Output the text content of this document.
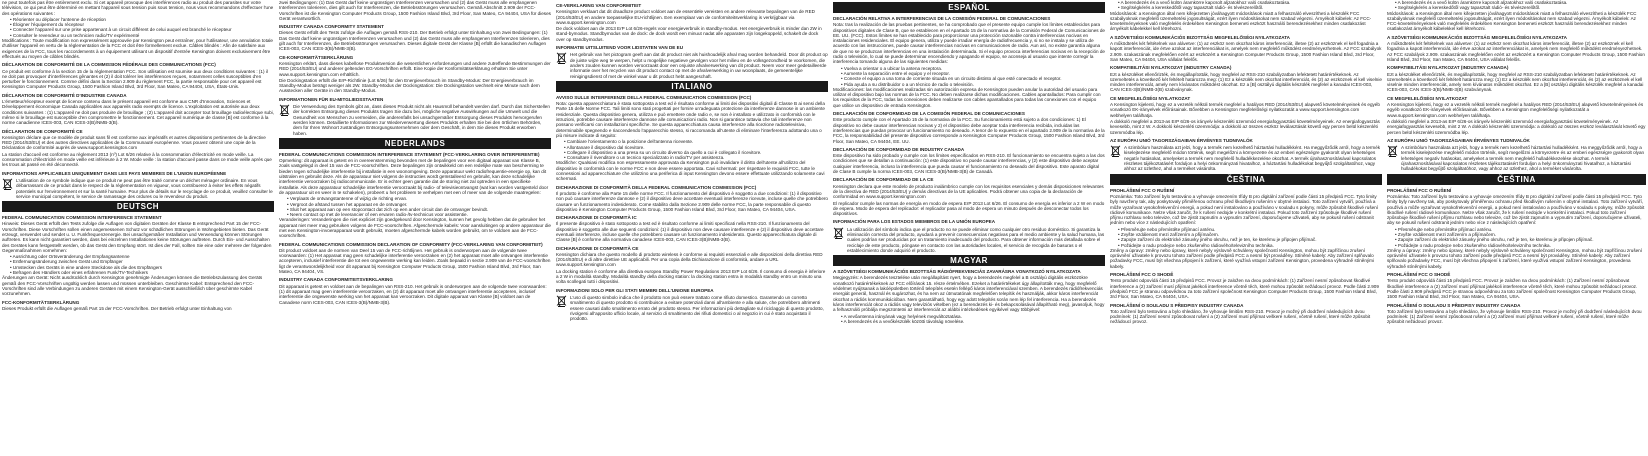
ne peut toutefois pas être entièrement exclu. Si cet appareil provoque des interférences radio au produit des parasites sur votre télévision, ce qui peut être déterminé en mettant l'appareil sous tension puis sous tension, nous vous recommandons d'effectuer l'une des opérations suivantes :
• Réorienter ou déplacer l'antenne de réception
• Éloigner l'équipement du récepteur
• Connecter l'appareil sur une prise appartenant à un circuit différent de celui auquel est branché le récepteur
• Consulter le revendeur ou un technicien radio/TV expérimenté
Modifications : Toute modification non expressément approuvée par Kensington peut entraîner, pour l'utilisateur, une annulation totale d'utiliser l'appareil en vertu de la réglementation de la FCC et doit être formellement exclue. Câbles blindés : Afin de satisfaire aux exigences de la FCC, tous les raccordements à un équipement utilisant un dispositif d'entrée Kensington doivent exclusivement être effectués au moyen de câbles blindés.
DÉCLARATION DE CONFORMITÉ DE LA COMMISSION FÉDÉRALE DES COMMUNICATIONS (FCC)
Ce produit est conforme à la section 15 de la réglementation FCC. Son utilisation est soumise aux deux conditions suivantes : (1) il ne doit pas provoquer d'interférences gênantes et (2) il doit tolérer les interférences reçues, notamment celles susceptibles d'en perturber le fonctionnement. Comme défini dans la Section 2.909 du règlement FCC, la partie responsable pour cet appareil est Kensington Computer Products Group, 1500 Fashion Island Blvd, 3rd Floor, San Mateo, CA 94404, USA, États-Unis.
DÉCLARATION DE CONFORMITÉ D'INDUSTRIE CANADA
L'émetteur/récepteur exempt de licence contenu dans le présent appareil est conforme aux CNR d'Innovation, Sciences et Développement économique Canada applicables aux appareils radio exempts de licence. L'exploitation est autorisée aux deux conditions suivantes : (1) L'appareil ne doit pas produire de brouillage ; (2) L'appareil doit accepter tout brouillage radioélectrique subi, même si le brouillage est susceptible d'en compromettre le fonctionnement. Cet appareil numérique de classe [B] est conforme à la norme canadienne ICES-003, CAN ICES-3(B)/NMB-3(B).
DÉCLARATION DE CONFORMITÉ CE
Kensington déclare que ce modèle de produit sans fil est conforme aux impératifs et autres dispositions pertinentes de la directive RED (2014/53/EU) et des autres directives applicables de la Communauté européenne. Vous pouvez obtenir une copie de la Déclaration de conformité auprès de www.support.kensington.com
La station d'accueil est conforme au règlement 2013 (nº) Lot 6/26 relative à la consommation d'électricité en mode veille. La consommation d'électricité en mode veille est inférieure à 2 W. Mode veille : la station d'accueil passe dans ce mode veille après que les trous ait passé en été déconnecté.
INFORMATIONS APPLICABLES UNIQUEMENT DANS LES PAYS MEMBRES DE L'UNION EUROPÉENNE
L'utilisation de ce symbole indique que ce produit ne peut pas être traité comme un déchet ménager ordinaire. En vous débarrassant de ce produit dans le respect de la réglementation en vigueur, vous contribuerez à éviter les effets négatifs potentiels sur l'environnement et sur la santé humaine. Pour plus de détails sur le recyclage de ce produit, veuillez consulter le service municipal compétent, le service de ramassage des ordures ou le revendeur du produit.
DEUTSCH
FEDERAL COMMUNICATION COMMISSION INTERFERENCE STATEMENT
Hinweis: Dieses Gerät erfüllt den Tests zufolge die Auflagen von digitalen Geräten der Klasse B entsprechend Part 15 der FCC-Vorschriften. Diese Vorschriften sollen einen angemessenen Schutz vor schädlichen Störungen in Wohngebieten bieten. Das Gerät erzeugt, verwendet und sendet u. U. Funkfrequenzenergie. Bei unsachgemäßer Installation und Verwendung können Störungen auftreten. Es kann nicht garantiert werden, dass bei einzelnen Installationen keine Störungen auftreten. Durch Ein- und Ausschalten des Gerätes kann festgestellt werden, ob das Gerät den Empfang stört. Ist dies der Fall, sollten Sie eine oder mehrere der folgenden Gegenmaßnahmen vornehmen:
• Ausrichtung oder Ortsveränderung der Empfangsantenne
• Entfernungsänderung zwischen Gerät und Empfänger
• Umstecken des Geräts in eine andere Steckdose als die des Empfängers
• Befragen des Händlers oder eines erfahrenen Funk/TV-Technikers
Änderungen am Gerät: Nicht ausdrücklich durch Kensington genehmigte Änderungen können die Betriebszulassung des Geräts gemäß den FCC-Vorschriften ungültig werden lassen und müssen unterbleiben. Geschirmte Kabel: Entsprechend den FCC-Vorschriften sind alle Verbindungen zu anderen Geräten mit einem Kensington-Gerät ausschließlich über geschirmte Kabel vorzunehmen.
FCC-KONFORMITÄTSERKLÄRUNG
Dieses Produkt erfüllt die Auflagen gemäß Part 15 der FCC-Vorschriften. Der Betrieb erfolgt unter Einhaltung von
zwei Bedingungen: (1) Das Gerät darf keine ungünstigen Interferenzen verursachen und (2) das Gerät muss alle empfangenen Interferenzen tolerieren, dies gilt auch für Interferenzen, die Betriebsstörungen verursachen. Gemäß Abschnitt 2.909 der FCC-Vorschriften ist die Kensington Computer Products Group, 1500 Fashion Island Blvd, 3rd Floor, San Mateo, CA 94404, USA für dieses Gerät verantwortlich.
INDUSTRY CANADA CONFORMITY STATEMENT
Dieses Gerät erfüllt den Tests zufolge die Auflagen gemäß RSS-210. Der Betrieb erfolgt unter Einhaltung von zwei Bedingungen: (1) Das Gerät darf keine ungünstigen Interferenzen verursachen und (2) das Gerät muss alle empfangenen Interferenzen tolerieren, dies gilt auch für Interferenzen, die Betriebsstörungen verursachen. Dieses digitale Gerät der Klasse [B] erfüllt die kanadischen Auflagen ICES-003, CAN ICES-3(B)/NMB-3(B).
CE-KONFORMITÄTSERKLÄRUNG
Kensington erklärt, dass dieses kabellose Produktversion die wesentlichen Anforderungen und andere zutreffende Bestimmungen der RED (2014/53/EU) und anderer geltenden EG-Vorschriften erfüllt. Eine Kopie der Konformitätserklärung erhalten Sie unter www.support.kensington.com erhältlich.
Die Dockingstation erfüllt die ErP-Richtlinie (Lot 6/26) für den Energieverbrauch im Standby-Modus: Der Energieverbrauch im Standby-Modus beträgt weniger als 2W. Standby-Modus der Dockingstation: Die Dockingstation wechselt eine Minute nach dem Ausstecken aller Geräte in den Standby-Modus.
INFORMATIONEN FÜR EU-MITGLIEDSSTAATEN
Die Verwendung des Symbols gibt an, dass dieses Produkt nicht als Hausmüll behandelt werden darf. Durch das Sicherstellen der korrekten Entsorgung dieses Produkts tragen Sie dazu bei, mögliche negative Auswirkungen auf die Umwelt und die Gesundheit von Menschen zu vermeiden, die anderenfalls bei unsachgemäßer Entsorgung dieses Produkts hervorgerufen werden können. Detaillierte Informationen zur Wiederverwertung dieses Produkts erhalten Sie bei den örtlichen Behörden, dem für Ihren Wohnort zuständigen Entsorgungsunternehmen oder dem Geschäft, in dem Sie dieses Produkt erworben haben.
NEDERLANDS
FEDERAL COMMUNICATIONS COMMISSION INTERFERENCE STATEMENT (FCC-VERKLARING OVER INTERFERENTIE)
Opmerking: dit apparaat is getest en in overeenstemming bevonden met de bepalingen voor een digitaal apparaat van Klasse B, zoals vastgelegd in deel 15 van de FCC-voorschriften. Deze bepalingen zijn ontwikkeld om een redelijke mate van bescherming te bieden tegen schadelijke interferentie bij installatie in een woonomgeving. Deze apparatuur wekt radiofrequentie-energie op, kan dit uitstralen en gebruikt deze. Als de apparatuur niet volgens de instructies wordt geïnstalleerd en gebruikt, kan deze schadelijke interferentie veroorzaken bij radiocommunicatie. Er is echter geen garantie dat de storing niet zal optreden in een specifieke installatie. Als deze apparatuur schadelijke interferentie veroorzaakt bij radio- of televisieontvangst (wat kan worden vastgesteld door de apparatuur uit en weer in te schakelen), probeert u het probleem te verhelpen met een of meer van de volgende maatregelen:
• Verplaats de ontvangstantenne of wijzig de richting ervan.
• Vergroot de afstand tussen het apparaat en de ontvanger.
• Sluit het apparaat aan op een stopcontact dat zich op een ander circuit dan de ontvanger bevindt.
• Neem contact op met de leverancier of een ervaren radio-/tv-technicus voor assistentie.
Veranderingen: Veranderingen die niet expliciet zijn goedgekeurd door Kensington, kunnen het gevolg hebben dat de gebruiker het apparaat niet meer mag gebruiken volgens de FCC-voorschriften. Afgeschermde kabels: Voor aansluitingen op andere apparatuur die met een Kensington-invoerapparaat wordt gebruikt, moeten afgeschermde kabels worden gebruikt, om te voldoen aan de FCC-voorschriften.
FEDERAL COMMUNICATIONS COMMISSION DECLARATION OF CONFORMITY (FCC-VERKLARING VAN CONFORMITEIT)
Dit product voldoet aan de normen van Deel 15 van de FCC-richtlijnen. Het gebruik is onderworpen aan de volgende twee voorwaarden: (1) Het apparaat mag geen schadelijke interferentie veroorzaken en (2) het apparaat moet alle ontvangen interferentie accepteren, inclusief interferentie die tot een ongewenste werking kan leiden. Zoals bepaald in sectie 2.909 van de FCC-voorschriften ligt de verantwoordelijkheid voor dit apparaat bij Kensington Computer Products Group, 1500 Fashion Island Blvd, 3rd Floor, San Mateo, CA 94404, VS.
INDUSTRY CANADA CONFORMITEITSVERKLARING
Dit apparaat is getest en voldoet aan de bepalingen van RSS-210. Het gebruik is onderworpen aan de volgende twee voorwaarden: (1) dit apparaat mag geen interferentie veroorzaken, en (2) dit apparaat moet alle ontvangen interferentie accepteren, inclusief interferentie die ongewenste werking van het apparaat kan veroorzaken. Dit digitale apparaat van Klasse [B] voldoet aan de Canadese norm ICES-003, CAN ICES-3(B)/NMB-3(B).
CE-VERKLARING VAN CONFORMITEIT
Kensington verklaart dat dit draadloze product voldoet aan de essentiële vereisten en andere relevante bepalingen van de RED (2014/53/EU) en andere toepasselijke EU-richtlijnen. Een exemplaar van de conformiteitsverklaring is verkrijgbaar via www.support.kensington.com
De dock voldoet aan de 2013 ErP Lot 6/26-regels voor energieverbruik in standby-modus. Het energieverbruik is minder dan 2W in stand-bymodus. Standbymodus van de dock: de dock wordt een minuut nadat alle apparaten zijn losgekoppeld, schakelt de dock over op standbymodus.
INFORMATIE UITSLUITEND VOOR LIDSTATEN VAN DE EU
Het gebruik van het pictogram geeft aan dat dit product niet als huishoudelijk afval mag worden behandeld. Door dit product op de juiste wijze weg te werpen, helpt u mogelijke negatieve gevolgen voor het milieu en de volksgezondheid te voorkomen, die anders zouden kunnen worden veroorzaakt door een onjuiste afvalverwerking van dit product. Neem voor meer gedetailleerde informatie over het recyclen van dit product contact op met de afvalverwerking in uw woonplaats, de gemeentelijke reinigingsdienst of met de winkel waar u dit product hebt aangeschaft.
ITALIANO
AVVISO SULLE INTERFERENZE DELLA FEDERAL COMMUNICATION COMMISSION (FCC)
Nota: questa apparecchiatura è stata sottoposta a test ed è risultata conforme ai limiti dei dispositivi digitali di Classe B ai sensi della Parte 15 delle Norme FCC. Tali limiti sono stati progettati per fornire un'adeguata protezione da interferenze dannose in un ambiente residenziale. Questa dispositivo genera, utilizza e può emettere onde radio e, se non è installato e utilizzato in conformità con le istruzioni, potrebbe causare interferenze dannose alle comunicazioni radio. Non si garantisce tuttavia che tali interferenze non possano verificarsi con installazioni specifiche. Se questa apparecchiatura causa interferenze alla ricezione radiotelevisiva, determinabile spegnendo e riaccendendo l'apparecchio stesso, si raccomanda all'utente di eliminare l'interferenza adottando una o più misure indicate di seguito:
• Cambiare l'orientamento o la posizione dell'antenna ricevente.
• Allontanare il dispositivo dal ricevitore.
• Collegare il dispositivo a una presa su un circuito diverso da quello a cui è collegato il ricevitore.
• Consultare il rivenditore o un tecnico specializzato in radio/TV per assistenza.
Modifiche: Qualsiasi modifica non espressamente approvata da Kensington può invalidare il diritto dell'utente all'utilizzo del dispositivo in conformità con le norme FCC e non deve essere apportata. Cavi schermati: per rispettare le requisiti FCC, tutte le connessioni ad apparecchiature che utilizzino una periferica di input Kensington devono essere effettuate utilizzando solamente cavi schermati.
DICHIARAZIONE DI CONFORMITÀ DELLA FEDERAL COMMUNICATION COMMISSION (FCC)
Il prodotto è conforme alla Parte 15 delle norme FCC. Il funzionamento del dispositivo è soggetto a due condizioni: (1) il dispositivo non può causare interferenze dannose e (2) il dispositivo deve accettare eventuali interferenze ricevute, incluse quelle che potrebbero causare un funzionamento indesiderato. Come stabilito dalla Sezione 2.909 delle norme FCC, la parte responsabile di questo dispositivo è Kensington Computer Products Group, 1500 Fashion Island Blvd, 3rd Floor, San Mateo, CA 94404, USA.
DICHIARAZIONE DI CONFORMITÀ IC
Il presente dispositivo è stato sottoposto a test ed è risultato conforme ai limiti specificati nella RSS-210. Il funzionamento del dispositivo è soggetto alle due seguenti condizioni: (1) il dispositivo non deve causare interferenze e (2) il dispositivo deve accettare eventuali interferenze, incluse quelle che potrebbero causare un funzionamento indesiderato. Questo apparecchiatura digitale di Classe [B] è conforme alla normativa canadese ICES-003, CAN ICES-3(B)/NMB-3(B).
DICHIARAZIONE DI CONFORMITÀ CE
Kensington dichiara che questo modello di prodotto wireless è conforme ai requisiti essenziali e alle disposizioni della direttiva RED (2014/53/EU) e di altre direttive UE applicabili. Per una copia della Dichiarazione di conformità, andare a URL www.support.kensington.com
La docking station è conforme alla direttiva europea Standby Power Regulations 2013 ErP Lot 6/26. Il consumo di energia è inferiore a 2 W in modalità standby. Modalità standby della docking station: la docking station entra in modalità standby entro un minuto una volta scollegati tutti i dispositivi.
INFORMAZIONI SOLO PER GLI STATI MEMBRI DELL'UNIONE EUROPEA
L'uso di questo simbolo indica che il prodotto non può essere trattato come rifiuto domestico. Garantendo un corretto smaltimento di questo prodotto si contribuisce a evitare potenziali danni all'ambiente e alla salute, che potrebbero altrimenti essere causati dallo smaltimento errato del prodotto stesso. Per informazioni più dettagliate sul riciclaggio di questo prodotto, rivolgersi all'apposito ufficio locale, al servizio di smaltimento dei rifiuti domestici o al negozio in cui è stato acquistato il prodotto.
ESPAÑOL
DECLARACIÓN RELATIVA A INTERFERENCIAS DE LA COMISIÓN FEDERAL DE COMUNICACIONES
Nota: tras la realización de las pruebas pertinentes, se ha comprobado que el presente equipo cumple los límites establecidos para dispositivos digitales de Clase B, que se establecen en el Apartado 15 de la normativa de la Comisión Federal de Comunicaciones de EE. UU. (FCC). Estos límites se han establecido para proporcionar una protección razonable contra interferencias nocivas en instalaciones residenciales. El equipo genera, utiliza y puede irradiar energía de radiofrecuencia y, si no se instala y se utiliza de acuerdo con las instrucciones, puede causar interferencias nocivas en comunicaciones de radio. Aun así, no existe garantía alguna de que no se produzcan interferencias en una instalación determinada. Si el equipo provoca interferencias nocivas en la recepción de radio o televisión, lo cual se puede determinar encendiendo y apagando el equipo, se aconseja al usuario que intente corregir la interferencia tomando alguna de las siguientes medidas:
• Vuelva a orientar o a ubicar la antena receptora.
• Aumente la separación entre el equipo y el receptor.
• Conecte el equipo a una toma de corriente situada en un circuito distinto al que esté conectado el receptor.
• Pida ayuda a su distribuidor o a un técnico de radio o televisión.
Modificaciones: las modificaciones realizadas sin autorización expresa de Kensington pueden anular la autoridad del usuario para utilizar el dispositivo bajo las normas de la FCC. No deben realizarse dichas modificaciones. Cables apantallados: Para cumplir con los requisitos de la FCC, todas las conexiones deben realizarse con cables apantallados para todas las conexiones con el equipo que utilice un dispositivo de entrada Kensington.
DECLARACIÓN DE CONFORMIDAD DE LA COMISIÓN FEDERAL DE COMUNICACIONES
Este producto cumple con el Apartado 15 de la normativa de la FCC. Su funcionamiento está sujeto a dos condiciones: 1) El dispositivo no debe causar interferencias nocivas y 2) el dispositivo debe aceptar toda interferencia recibida, incluidas las interferencias que puedan provocar un funcionamiento no deseado. A tenor de lo expuesto en el apartado 2.909 de la normativa de la FCC, la responsabilidad del presente dispositivo corresponde a Kensington Computer Products Group, 1500 Fashion Island Blvd, 3rd Floor, San Mateo, CA 94404, EE. UU.
DECLARACIÓN DE CONFORMIDAD DE INDUSTRY CANADA
Este dispositivo ha sido probado y cumple con los límites especificados en RSS-210. El funcionamiento se encuentra sujeto a las dos condiciones que se detallan a continuación: (1) este dispositivo no puede causar interferencias, y (2) este dispositivo debe aceptar cualquier interferencia, incluso la interferencia que pueda causar el funcionamiento no deseado del dispositivo. Este aparato digital de Clase B cumple la norma ICES-003, CAN ICES-3(B)/NMB-3(B) de Canadá.
DECLARACIÓN DE CONFORMIDAD DE LA CE
Kensington declara que este modelo de producto inalámbrico cumple con los requisitos esenciales y demás disposiciones relevantes de la directiva de RED (2014/53/EU) y demás directivas de la UE aplicables. Podrá obtener una copia de la declaración de conformidad en www.support.kensington.com
El replicador cumple las normas de energía en modo de espera ErP 2013 Lot 6/26. El consumo de energía es inferior a 2 W en modo de espera. Modo de espera del replicador: el replicador pasa al modo de espera un minuto después de desconectar todos los dispositivos.
INFORMACIÓN PARA LOS ESTADOS MIEMBROS DE LA UNIÓN EUROPEA
La utilización del símbolo indica que el producto no se puede eliminar como cualquier otro residuo doméstico. Si garantiza la eliminación correcta del producto, ayudará a prevenir consecuencias negativas para el medio ambiente y la salud humana, las cuales podrían ser producidas por un tratamiento inadecuado del producto. Para obtener información más detallada sobre el reciclaje de este producto, póngase en contacto con las autoridades locales, el servicio de recogida de basuras o el establecimiento donde adquirió el producto.
MAGYAR
A SZÖVETSÉGI KOMMUNIKÁCIÓS BIZOTTSÁG RÁDIÓFREKVENCIÁS ZAVARÁSRA VONATKOZÓ NYILATKOZATA
Megjegyzés: A berendezés tesztelése után megállapítást nyert, hogy a berendezés megfelel a B osztályú digitális eszközökre vonatkozó határértékeknek az FCC előírások 15. része értelmében. Ezeket a határértékeket úgy állapították meg, hogy megfelelő védelmet nyújtsanak a lakóépületben történő telepítés esetén fellépő káros interferenciával szemben. A berendezés rádiófrekvenciás energiát generál, használ és sugározhat, és ha nem az útmutatónak megfelelően telepítik és használják, akkor káros interferenciát okozhat a rádiós kommunikációban. Nem garantálható, hogy egy adott telepítés során nem lép fel interferencia. Ha a berendezés káros interferenciát okoz a rádiós vagy televíziós vételben (ez a berendezés ki- és bekapcsolásával állapítható meg), javasoljuk, hogy a felhasználó próbálja megszüntetni az interferenciát az alábbi intézkedések egyikével vagy többjével:
• A vevőantenna irányának vagy helyének megváltoztatása.
• A berendezés és a vevőkészülék közötti távolság növelése.
• A berendezés és a vevő külön áramkörre kapcsolt aljzatokhoz való csatlakoztatása.
• Segítségkérés a kereskedőtől vagy tapasztalt rádió- és tévészerelőtől.
Módosítások: a Kensington által nem kifejezetten jóváhagyott módosítások miatt a felhasználó elveszítheti a készülék FCC szabályoknak megfelelő üzemeltetési jogosultságát, ezért ilyen módosításokat nem szabad végezni. Árnyékolt kábelek: Az FCC-követelményeknek való megfelelés érdekében Kensington bemeneti eszközt használó berendezésekhez minden csatlakozást árnyékolt kábelekkel kell létrehozni.
A SZÖVETSÉGI KOMMUNIKÁCIÓS BIZOTTSÁG MEGFELELŐSÉGI NYILATKOZATA
A működtetés két feltételnek van alávetve: (1) az eszköz nem okozhat káros interferenciát, illetve (2) az eszköznek el kell fogadnia a kapott interferenciát, ide értve azokat az interferenciákat is, amelyek nem megfelelő működést eredményezhetnek. Az FCC szabályok 2.909. szakaszának megfelelően ezért az eszközért a Kensington Computer Products Group, 1500 Fashion Island Blvd, 3rd Floor, San Mateo, CA 94404, USA vállalat felelős.
KOMPATIBILITÁSI NYILATKOZAT (INDUSTRY CANADA)
Ezt a készüléket ellenőrizték, és megállapították, hogy megfelel az RSS-210 szabályzatban lefektetett határértékeknek. Az üzemeltetés a következő két feltételt határozza meg: (1) Ez a készülék nem okozhat interferenciát, és (2) az eszköznek el kell viselnie minden interferenciát, amely nem kívánatos működést okozhat. Ez a [B] osztályú digitális készülék megfelel a kanadai ICES-003, CAN ICES-3(B)/NMB-3(B) szabványnak.
CE MEGFELELŐSÉGI NYILATKOZAT
A Kensington kijelenti, hogy ez a vezeték nélküli termék megfelel a hatályos RED (2014/53/EU) alapvető követelményeinek és egyéb vonatkozó EK-irányelvek előírásainak. Bővebben a Kensington megfelelőségi nyilatkozatát a www.support.kensington.com webhelyen találhatja.
A dokkoló megfelel a 2013-as ErP 6/26-os irányelv készenléti üzemmód energiafogyasztási követelményeinek. Az energiafogyasztás kevesebb, mint 2 W. A dokkoló készenléti üzemmódja: a dokkoló az összes eszköz leválasztását követő egy percen belül készenléti üzemmódba lép.
AZ EURÓPAI UNIÓ TAGORSZÁGAIBAN ÉRVÉNYES TUDNIVALÓK
A szimbólum használata azt jelzi, hogy a termék nem kezelhető háztartási hulladékként. Ha meggyőződik arról, hogy a termék kiselejtezése megfelelő módon történik, segít megelőzni a környezetre és az emberi egészségre gyakorolt olyan lehetséges negatív hatásokat, amelyeket a termék nem megfelelő hulladékkezelése okozhat. A termék újrahasznosításával kapcsolatos részletes tájékoztatásért forduljon a helyi önkormányzati hivatalhoz, a háztartási hulladékokat begyűjtő szolgáltatóhoz, vagy ahhoz az üzlethez, ahol a terméket vásárolta.
ČEŠTINA
PROHLÁŠENÍ FCC O RUŠENÍ
Poznámka: Toto zařízení bylo testováno a vyhovuje omezením třídy B pro digitální zařízení podle části 15 předpisů FCC. Tyto limity byly navrženy tak, aby poskytovaly přiměřenou ochranu před škodlivým rušením v obytné instalaci. Toto zařízení vytváří, používá a může vyzařovat vysokofrekvenční energii, a pokud není instalováno a používáno v souladu s pokyny, může způsobit škodlivé rušení rádiové komunikace. Nelze však zaručit, že k rušení nedojde v konkrétní instalaci. Pokud toto zařízení způsobuje škodlivé rušení příjmu rozhlasu nebo televize, což lze zjistit zapnutím a vypnutím zařízení, doporučujeme uživateli, aby se pokusil rušení odstranit jedním nebo více z následujících opatření:
• Přesměrujte nebo přemístěte přijímací anténu.
• Zvyšte vzdálenost mezi zařízením a přijímačem.
• Zapojte zařízení do elektrické zásuvky jiného okruhu, než je ten, ke kterému je připojen přijímač.
• Požádejte o radu prodejce nebo zkušeného rádiového/televizního technika.
Změny a úpravy: změny nebo úpravy, které nebyly výslovně schváleny společností Kensington, mohou být zapříčinou zrušení oprávnění uživatele k provozu tohoto zařízení podle předpisů FCC a nesmí být prováděny. Stíněné kabely: Aby zařízení splňovalo požadavky FCC, musí být všechna připojení k zařízení, které využívá vstupní zařízení Kensington, provedena výhradně stíněnými kabely.
PROHLÁŠENÍ FCC O SHODĚ
Tento produkt odpovídá části 15 předpisů FCC. Provoz je založen na dvou podmínkách: (1) Zařízení nesmí způsobovat škodlivé interference a (2) zařízení musí přijímat jakékoli interference včetně těch, které mohou způsobit nežádoucí provoz. Podle části 2.909 předpisů FCC je stranou odpovědnou za toto zařízení společnost Kensington Computer Products Group, 1500 Fashion Island Blvd, 3rd Floor, San Mateo, CA 94404, USA.
PROHLÁŠENÍ O SOULADU S PŘEDPISY INDUSTRY CANADA
Toto zařízení bylo testováno a bylo shledáno, že vyhovuje limitům RSS-210. Provoz je možný při dodržení následujících dvou podmínek: (1) Zařízení nesmí způsobovat rušení a (2) zařízení musí přijímat veškeré rušení, včetně rušení, které může způsobit nežádoucí provoz.
• A berendezés és a vevő külön áramkörre kapcsolt aljzatokhoz való csatlakoztatása.
• Segítségkérés a kereskedőtől vagy tapasztalt rádió- és tévészerelőtől.
Módosítások: a Kensington által nem kifejezetten jóváhagyott módosítások miatt a felhasználó elveszítheti a készülék FCC szabályoknak megfelelő üzemeltetési jogosultságát, ezért ilyen módosításokat nem szabad végezni. Árnyékolt kábelek: Az FCC-követelményeknek való megfelelés érdekében Kensington bemeneti eszközt használó berendezésekhez minden csatlakozást árnyékolt kábelekkel kell létrehozni.
A SZÖVETSÉGI KOMMUNIKÁCIÓS BIZOTTSÁG MEGFELELŐSÉGI NYILATKOZATA
A működtetés két feltételnek van alávetve: (1) az eszköz nem okozhat káros interferenciát, illetve (2) az eszköznek el kell fogadnia a kapott interferenciát, ide értve azokat az interferenciákat is, amelyek nem megfelelő működést eredményezhetnek. Az FCC szabályok 2.909. szakaszának megfelelően ezért az eszközért a Kensington Computer Products Group, 1500 Fashion Island Blvd, 3rd Floor, San Mateo, CA 94404, USA vállalat felelős.
KOMPATIBILITÁSI NYILATKOZAT (INDUSTRY CANADA)
Ezt a készüléket ellenőrizték, és megállapították, hogy megfelel az RSS-210 szabályzatban lefektetett határértékeknek. Az üzemeltetés a következő két feltételt határozza meg: (1) Ez a készülék nem okozhat interferenciát, és (2) az eszköznek el kell viselnie minden interferenciát, amely nem kívánatos működést okozhat. Ez a [B] osztályú digitális készülék megfelel a kanadai ICES-003, CAN ICES-3(B)/NMB-3(B) szabványnak.
CE MEGFELELŐSÉGI NYILATKOZAT
A Kensington kijelenti, hogy ez a vezeték nélküli termék megfelel a hatályos RED (2014/53/EU) alapvető követelményeinek és egyéb vonatkozó EK-irányelvek előírásainak. Bővebben a Kensington megfelelőségi nyilatkozatát a www.support.kensington.com webhelyen találhatja.
A dokkoló megfelel a 2013-as ErP 6/26-os irányelv készenléti üzemmód energiafogyasztási követelményeinek. Az energiafogyasztás kevesebb, mint 2 W. A dokkoló készenléti üzemmódja: a dokkoló az összes eszköz leválasztását követő egy percen belül készenléti üzemmódba lép.
AZ EURÓPAI UNIÓ TAGORSZÁGAIBAN ÉRVÉNYES TUDNIVALÓK
A szimbólum használata azt jelzi, hogy a termék nem kezelhető háztartási hulladékként. Ha meggyőződik arról, hogy a termék kiselejtezése megfelelő módon történik, segít megelőzni a környezetre és az emberi egészségre gyakorolt olyan lehetséges negatív hatásokat, amelyeket a termék nem megfelelő hulladékkezelése okozhat. A termék újrahasznosításával kapcsolatos részletes tájékoztatásért forduljon a helyi önkormányzati hivatalhoz, a háztartási hulladékokat begyűjtő szolgáltatóhoz, vagy ahhoz az üzlethez, ahol a terméket vásárolta.
ČEŠTINA
PROHLÁŠENÍ FCC O RUŠENÍ
Poznámka: Toto zařízení bylo testováno a vyhovuje omezením třídy B pro digitální zařízení podle části 15 předpisů FCC. Tyto limity byly navrženy tak, aby poskytovaly přiměřenou ochranu před škodlivým rušením v obytné instalaci. Toto zařízení vytváří, používá a může vyzařovat vysokofrekvenční energii, a pokud není instalováno a používáno v souladu s pokyny, může způsobit škodlivé rušení rádiové komunikace. Nelze však zaručit, že k rušení nedojde v konkrétní instalaci. Pokud toto zařízení způsobuje škodlivé rušení příjmu rozhlasu nebo televize, což lze zjistit zapnutím a vypnutím zařízení, doporučujeme uživateli, aby se pokusil rušení odstranit jedním nebo více z následujících opatření:
• Přesměrujte nebo přemístěte přijímací anténu.
• Zvyšte vzdálenost mezi zařízením a přijímačem.
• Zapojte zařízení do elektrické zásuvky jiného okruhu, než je ten, ke kterému je připojen přijímač.
• Požádejte o radu prodejce nebo zkušeného rádiového/televizního technika.
Změny a úpravy: změny nebo úpravy, které nebyly výslovně schváleny společností Kensington, mohou být zapříčinou zrušení oprávnění uživatele k provozu tohoto zařízení podle předpisů FCC a nesmí být prováděny. Stíněné kabely: Aby zařízení splňovalo požadavky FCC, musí být všechna připojení k zařízení, které využívá vstupní zařízení Kensington, provedena výhradně stíněnými kabely.
PROHLÁŠENÍ FCC O SHODĚ
Tento produkt odpovídá části 15 předpisů FCC. Provoz je založen na dvou podmínkách: (1) Zařízení nesmí způsobovat škodlivé interference a (2) zařízení musí přijímat jakékoli interference včetně těch, které mohou způsobit nežádoucí provoz. Podle části 2.909 předpisů FCC je stranou odpovědnou za toto zařízení společnost Kensington Computer Products Group, 1500 Fashion Island Blvd, 3rd Floor, San Mateo, CA 94404, USA.
PROHLÁŠENÍ O SOULADU S PŘEDPISY INDUSTRY CANADA
Toto zařízení bylo testováno a bylo shledáno, že vyhovuje limitům RSS-210. Provoz je možný při dodržení následujících dvou podmínek: (1) Zařízení nesmí způsobovat rušení a (2) zařízení musí přijímat veškeré rušení, včetně rušení, které může způsobit nežádoucí provoz.
